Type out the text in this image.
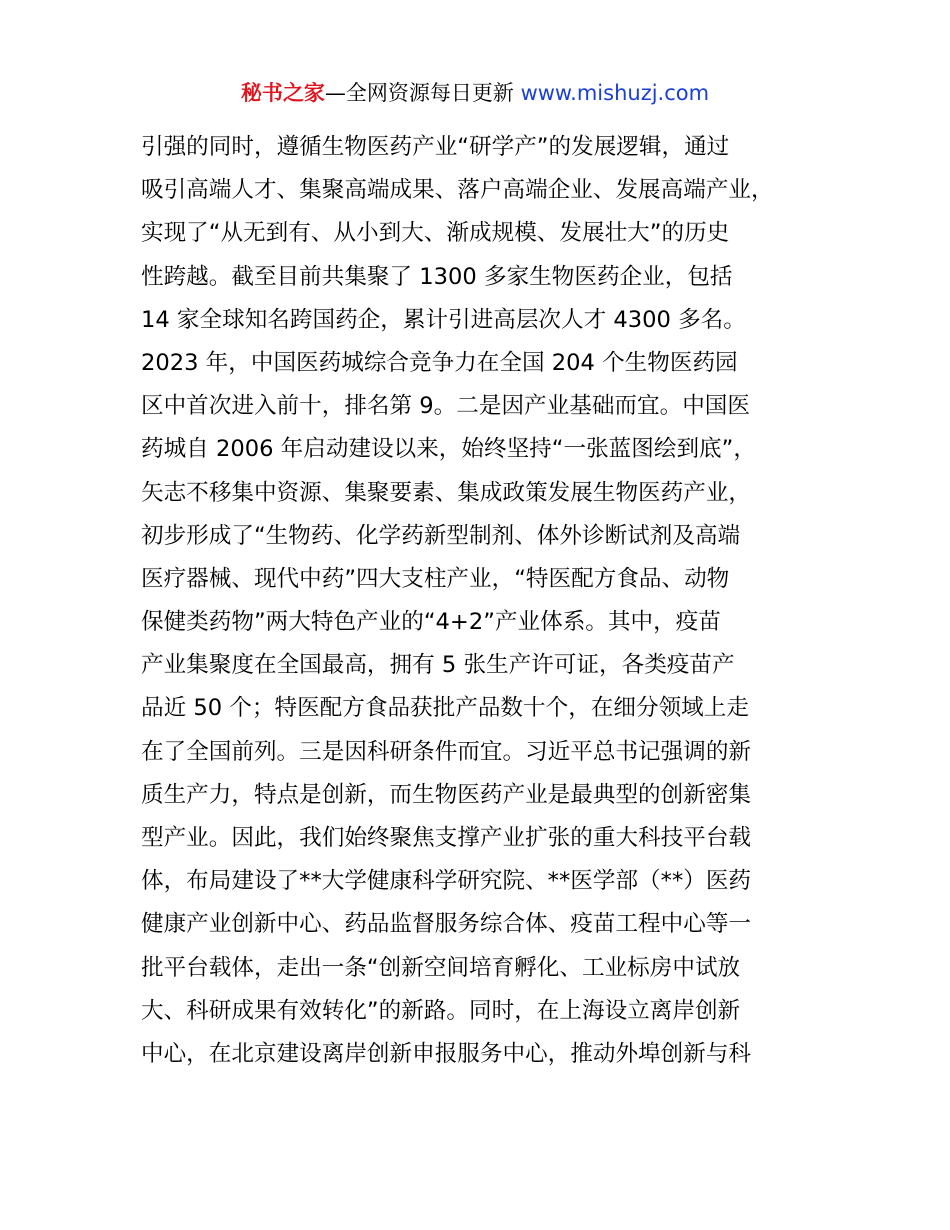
秘书之家—全网资源每日更新 www.mishuzj.com
引强的同时，遵循生物医药产业“研学产”的发展逻辑，通过
吸引高端人才、集聚高端成果、落户高端企业、发展高端产业，
实现了“从无到有、从小到大、渐成规模、发展壮大”的历史
性跨越。截至目前共集聚了 1300 多家生物医药企业，包括
14 家全球知名跨国药企，累计引进高层次人才 4300 多名。
2023 年，中国医药城综合竞争力在全国 204 个生物医药园
区中首次进入前十，排名第 9。二是因产业基础而宜。中国医
药城自 2006 年启动建设以来，始终坚持“一张蓝图绘到底”，
矢志不移集中资源、集聚要素、集成政策发展生物医药产业，
初步形成了“生物药、化学药新型制剂、体外诊断试剂及高端
医疗器械、现代中药”四大支柱产业，“特医配方食品、动物
保健类药物”两大特色产业的“4+2”产业体系。其中，疫苗
产业集聚度在全国最高，拥有 5 张生产许可证，各类疫苗产
品近 50 个；特医配方食品获批产品数十个，在细分领域上走
在了全国前列。三是因科研条件而宜。习近平总书记强调的新
质生产力，特点是创新，而生物医药产业是最典型的创新密集
型产业。因此，我们始终聚焦支撑产业扩张的重大科技平台载
体，布局建设了**大学健康科学研究院、**医学部（**）医药
健康产业创新中心、药品监督服务综合体、疫苗工程中心等一
批平台载体，走出一条“创新空间培育孵化、工业标房中试放
大、科研成果有效转化”的新路。同时，在上海设立离岸创新
中心，在北京建设离岸创新申报服务中心，推动外埠创新与科
